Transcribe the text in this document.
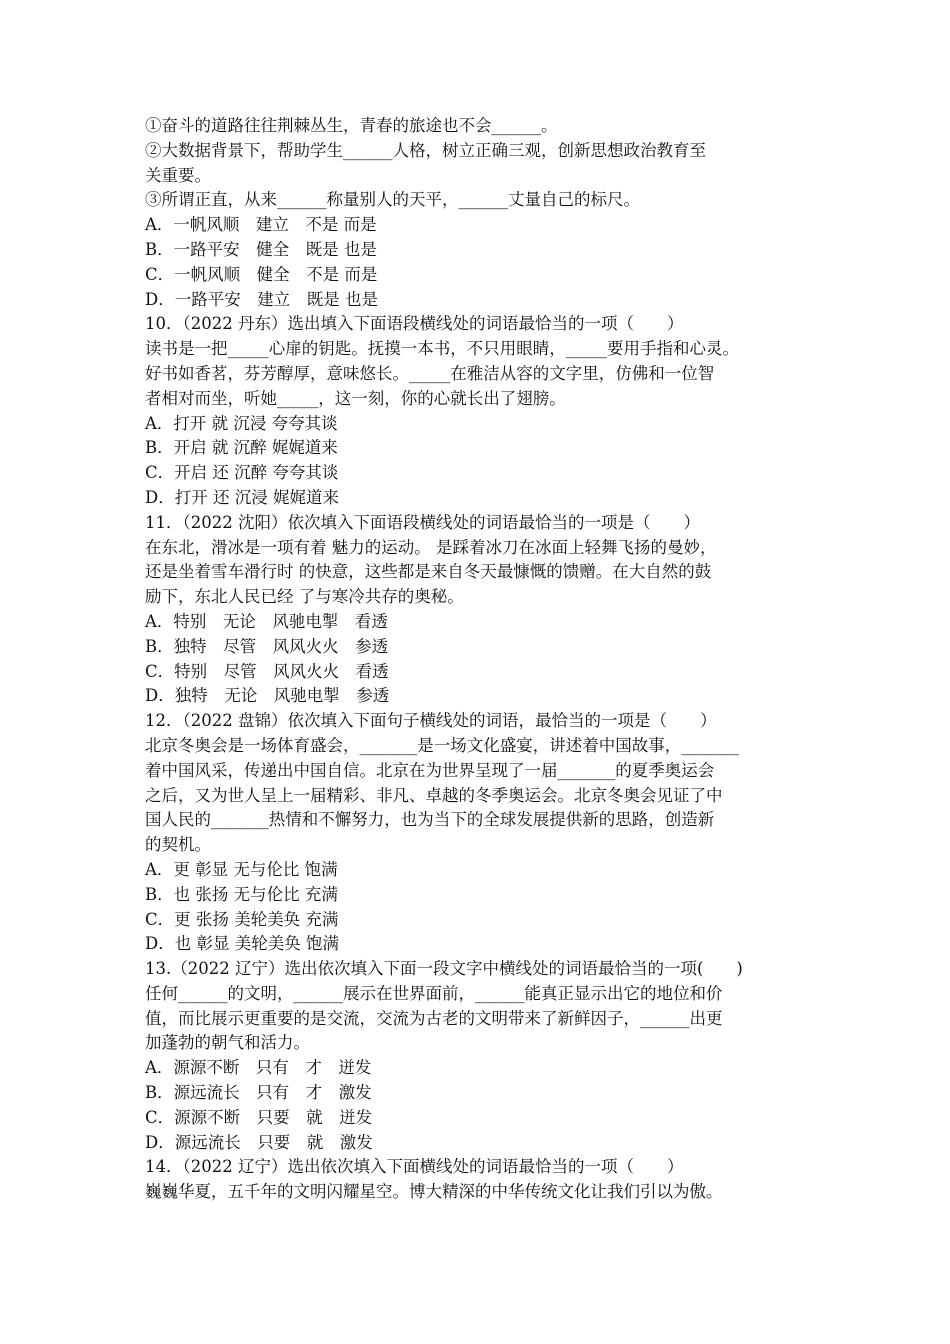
①奋斗的道路往往荆棘丛生，青春的旅途也不会______。
②大数据背景下，帮助学生______人格，树立正确三观，创新思想政治教育至
关重要。
③所谓正直，从来______称量别人的天平，______丈量自己的标尺。
A．一帆风顺　建立　不是 而是
B．一路平安　健全　既是 也是
C．一帆风顺　健全　不是 而是
D．一路平安　建立　既是 也是
10．（2022 丹东）选出填入下面语段横线处的词语最恰当的一项（　　）
读书是一把_____心扉的钥匙。抚摸一本书，不只用眼睛，_____要用手指和心灵。
好书如香茗，芬芳醇厚，意味悠长。_____在雅洁从容的文字里，仿佛和一位智
者相对而坐，听她_____，这一刻，你的心就长出了翅膀。
A．打开 就 沉浸 夸夸其谈
B．开启 就 沉醉 娓娓道来
C．开启 还 沉醉 夸夸其谈
D．打开 还 沉浸 娓娓道来
11．（2022 沈阳）依次填入下面语段横线处的词语最恰当的一项是（　　）
在东北，滑冰是一项有着 魅力的运动。 是踩着冰刀在冰面上轻舞飞扬的曼妙，
还是坐着雪车滑行时 的快意，这些都是来自冬天最慷慨的馈赠。在大自然的鼓
励下，东北人民已经 了与寒冷共存的奥秘。
A．特别　无论　风驰电掣　看透
B．独特　尽管　风风火火　参透
C．特别　尽管　风风火火　看透
D．独特　无论　风驰电掣　参透
12．（2022 盘锦）依次填入下面句子横线处的词语，最恰当的一项是（　　）
北京冬奥会是一场体育盛会，_______是一场文化盛宴，讲述着中国故事，_______
着中国风采，传递出中国自信。北京在为世界呈现了一届_______的夏季奥运会
之后，又为世人呈上一届精彩、非凡、卓越的冬季奥运会。北京冬奥会见证了中
国人民的_______热情和不懈努力，也为当下的全球发展提供新的思路，创造新
的契机。
A．更 彰显 无与伦比 饱满
B．也 张扬 无与伦比 充满
C．更 张扬 美轮美奂 充满
D．也 彰显 美轮美奂 饱满
13.（2022 辽宁）选出依次填入下面一段文字中横线处的词语最恰当的一项(　　)
任何______的文明，______展示在世界面前，______能真正显示出它的地位和价
值，而比展示更重要的是交流，交流为古老的文明带来了新鲜因子，______出更
加蓬勃的朝气和活力。
A．源源不断　只有　才　迸发
B．源远流长　只有　才　激发
C．源源不断　只要　就　迸发
D．源远流长　只要　就　激发
14．（2022 辽宁）选出依次填入下面横线处的词语最恰当的一项（　　）
巍巍华夏，五千年的文明闪耀星空。博大精深的中华传统文化让我们引以为傲。
